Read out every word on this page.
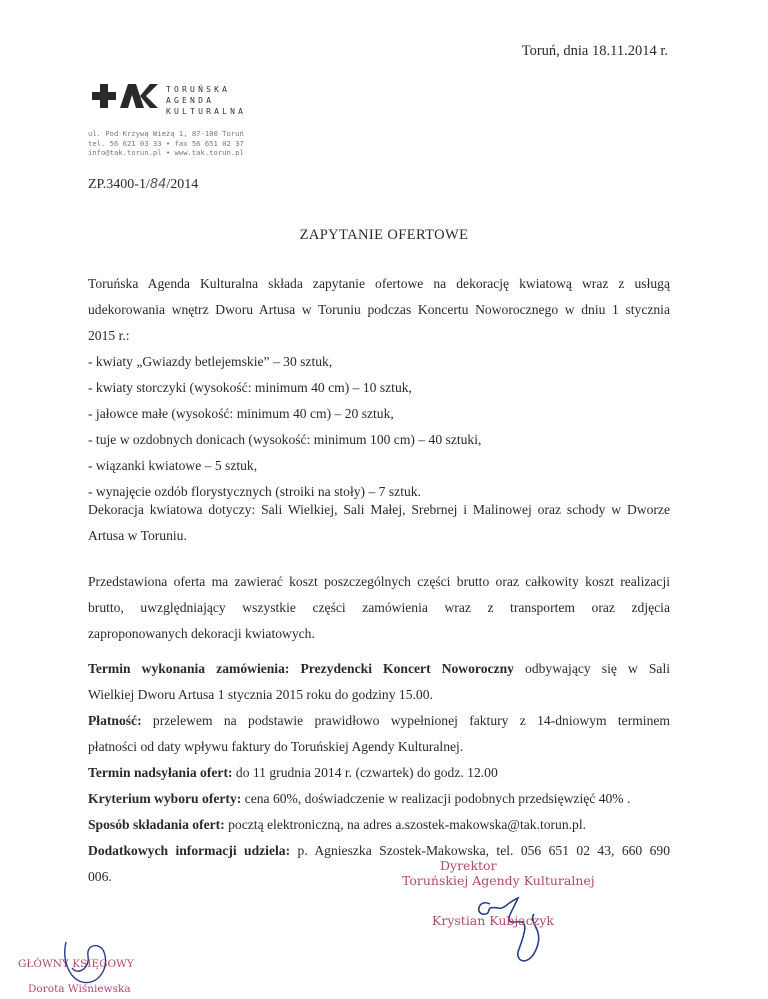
Toruń, dnia 18.11.2014 r.
TORUŃSKA
AGENDA
KULTURALNA
ul. Pod Krzywą Wieżą 1, 87-100 Toruń
tel. 56 621 03 33 • fax 56 651 02 37
info@tak.torun.pl • www.tak.torun.pl
ZP.3400-1/84/2014
ZAPYTANIE OFERTOWE

Toruńska Agenda Kulturalna składa zapytanie ofertowe na dekorację kwiatową wraz z usługą

udekorowania wnętrz Dworu Artusa w Toruniu podczas Koncertu Noworocznego w dniu 1 stycznia

2015 r.:

- kwiaty „Gwiazdy betlejemskie” – 30 sztuk,

- kwiaty storczyki (wysokość: minimum 40 cm) – 10 sztuk,

- jałowce małe (wysokość: minimum 40 cm) – 20 sztuk,

- tuje w ozdobnych donicach (wysokość: minimum 100 cm) – 40 sztuki,

- wiązanki kwiatowe – 5 sztuk,

- wynajęcie ozdób florystycznych (stroiki na stoły) – 7 sztuk.

Dekoracja kwiatowa dotyczy: Sali Wielkiej, Sali Małej, Srebrnej i Malinowej oraz schody w Dworze

Artusa w Toruniu.

Przedstawiona oferta ma zawierać koszt poszczególnych części brutto oraz całkowity koszt realizacji

brutto, uwzględniający wszystkie części zamówienia wraz z transportem oraz zdjęcia

zaproponowanych dekoracji kwiatowych.

Termin wykonania zamówienia: Prezydencki Koncert Noworoczny odbywający się w Sali

Wielkiej Dworu Artusa 1 stycznia 2015 roku do godziny 15.00.

Płatność: przelewem na podstawie prawidłowo wypełnionej faktury z 14-dniowym terminem

płatności od daty wpływu faktury do Toruńskiej Agendy Kulturalnej.

Termin nadsyłania ofert: do 11 grudnia 2014 r. (czwartek) do godz. 12.00

Kryterium wyboru oferty: cena 60%, doświadczenie w realizacji podobnych przedsięwzięć 40% .

Sposób składania ofert: pocztą elektroniczną, na adres a.szostek-makowska@tak.torun.pl.

Dodatkowych informacji udziela: p. Agnieszka Szostek-Makowska, tel. 056 651 02 43, 660 690

006.

Dyrektor
Toruńskiej Agendy Kulturalnej
Krystian Kubjaczyk
GŁÓWNY KSIĘGOWY
Dorota Wiśniewska
